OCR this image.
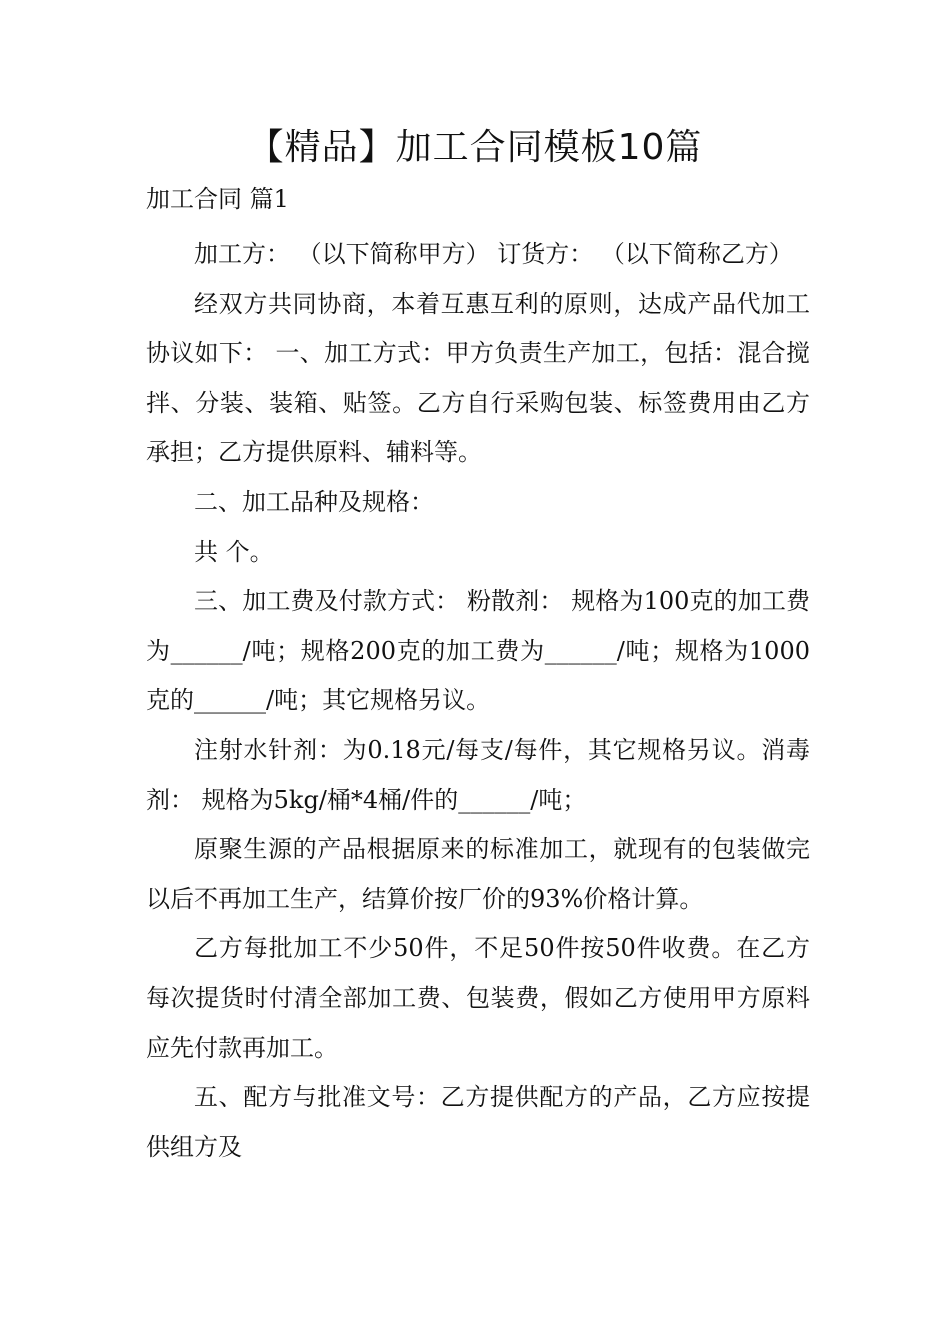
【精品】加工合同模板10篇
加工合同 篇1

加工方： （以下简称甲方） 订货方： （以下简称乙方）

经双方共同协商，本着互惠互利的原则，达成产品代加工协议如下： 一、加工方式：甲方负责生产加工，包括：混合搅拌、分装、装箱、贴签。乙方自行采购包装、标签费用由乙方承担；乙方提供原料、辅料等。

二、加工品种及规格：

共 个。

三、加工费及付款方式： 粉散剂： 规格为100克的加工费为______/吨；规格200克的加工费为______/吨；规格为1000克的______/吨；其它规格另议。

注射水针剂：为0.18元/每支/每件，其它规格另议。消毒剂： 规格为5kg/桶*4桶/件的______/吨；

原聚生源的产品根据原来的标准加工，就现有的包装做完以后不再加工生产，结算价按厂价的93%价格计算。

乙方每批加工不少50件，不足50件按50件收费。在乙方每次提货时付清全部加工费、包装费，假如乙方使用甲方原料应先付款再加工。

五、配方与批准文号：乙方提供配方的产品，乙方应按提供组方及
